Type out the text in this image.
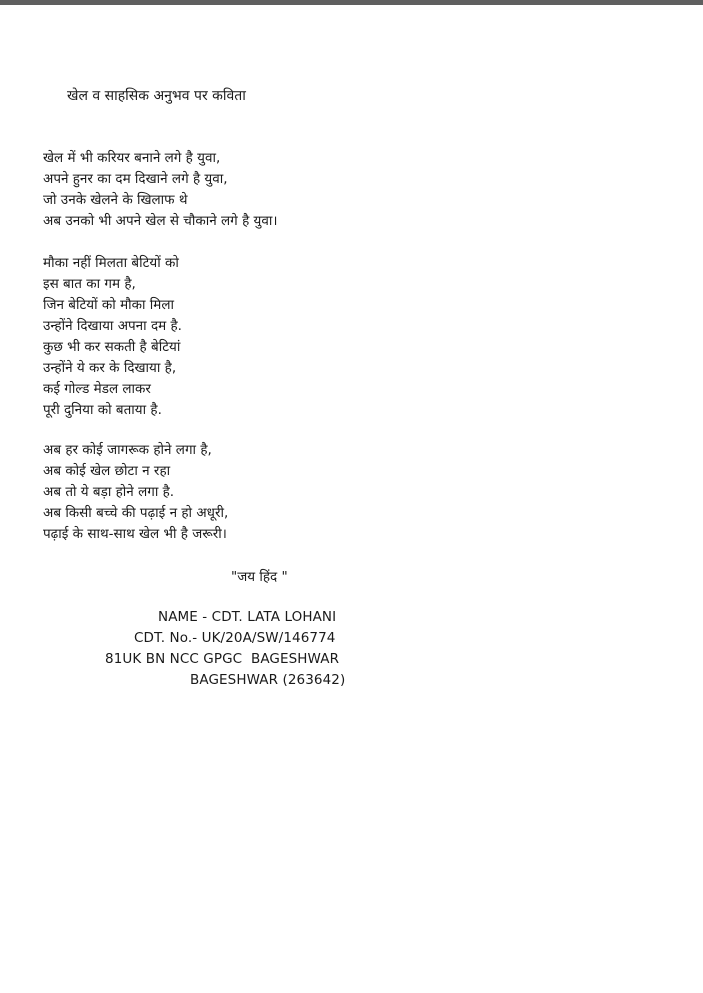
खेल व साहसिक अनुभव पर कविता
खेल में भी करियर बनाने लगे है युवा,
अपने हुनर का दम दिखाने लगे है युवा,
जो उनके खेलने के खिलाफ थे
अब उनको भी अपने खेल से चौकाने लगे है युवा।
मौका नहीं मिलता बेटियों को
इस बात का गम है,
जिन बेटियों को मौका मिला
उन्होंने दिखाया अपना दम है.
कुछ भी कर सकती है बेटियां
उन्होंने ये कर के दिखाया है,
कई गोल्ड मेडल लाकर
पूरी दुनिया को बताया है.
अब हर कोई जागरूक होने लगा है,
अब कोई खेल छोटा न रहा
अब तो ये बड़ा होने लगा है.
अब किसी बच्चे की पढ़ाई न हो अधूरी,
पढ़ाई के साथ-साथ खेल भी है जरूरी।
"जय हिंद "
NAME - CDT. LATA LOHANI
CDT. No.- UK/20A/SW/146774
81UK BN NCC GPGC  BAGESHWAR
BAGESHWAR (263642)
